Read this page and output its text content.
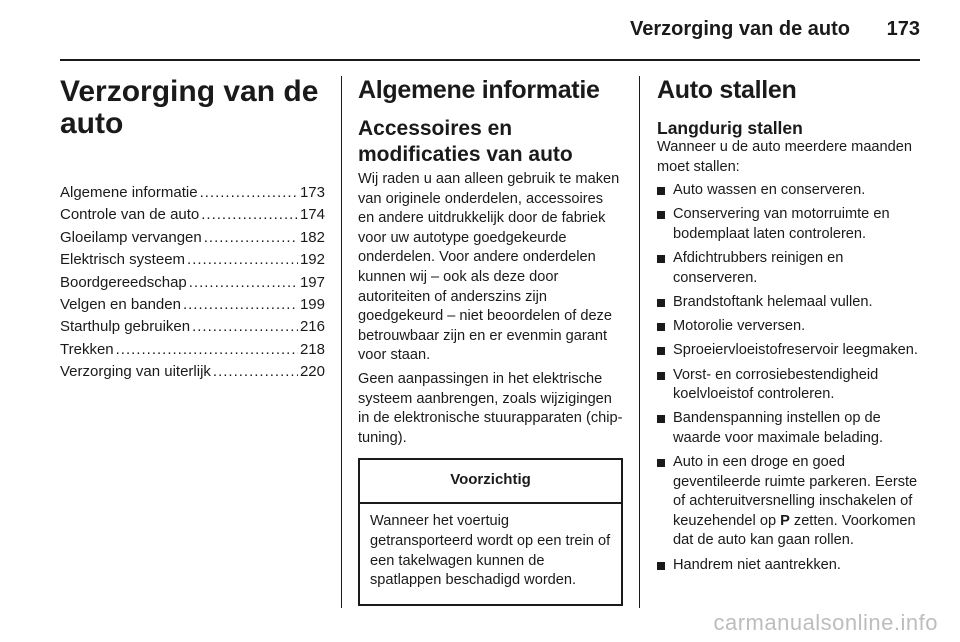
Verzorging van de auto 173
Verzorging van de
auto
Algemene informatie .....	173
Controle van de auto .....	174
Gloeilamp vervangen .....	182
Elektrisch systeem .....	192
Boordgereedschap .....	197
Velgen en banden .....	199
Starthulp gebruiken .....	216
Trekken .....	218
Verzorging van uiterlijk .....	220
Algemene informatie
Accessoires en
modificaties van auto

Wij raden u aan alleen gebruik te maken van originele onderdelen, accessoires en andere uitdrukkelijk door de fabriek voor uw autotype goedgekeurde onderdelen. Voor andere onderdelen kunnen wij – ook als deze door autoriteiten of anderszins zijn goedgekeurd – niet beoordelen of deze betrouwbaar zijn en er evenmin garant voor staan.

Geen aanpassingen in het elektrische systeem aanbrengen, zoals wijzigingen in de elektronische stuurapparaten (chip-tuning).

Voorzichtig
Wanneer het voertuig getransporteerd wordt op een trein of een takelwagen kunnen de spatlappen beschadigd worden.
Auto stallen
Langdurig stallen

Wanneer u de auto meerdere maanden moet stallen:

Auto wassen en conserveren.
Conservering van motorruimte en bodemplaat laten controleren.
Afdichtrubbers reinigen en conserveren.
Brandstoftank helemaal vullen.
Motorolie verversen.
Sproeiervloeistofreservoir leegmaken.
Vorst- en corrosiebestendigheid koelvloeistof controleren.
Bandenspanning instellen op de waarde voor maximale belading.
Auto in een droge en goed geventileerde ruimte parkeren. Eerste of achteruitversnelling inschakelen of keuzehendel op P zetten. Voorkomen dat de auto kan gaan rollen.
Handrem niet aantrekken.
carmanualsonline.info
